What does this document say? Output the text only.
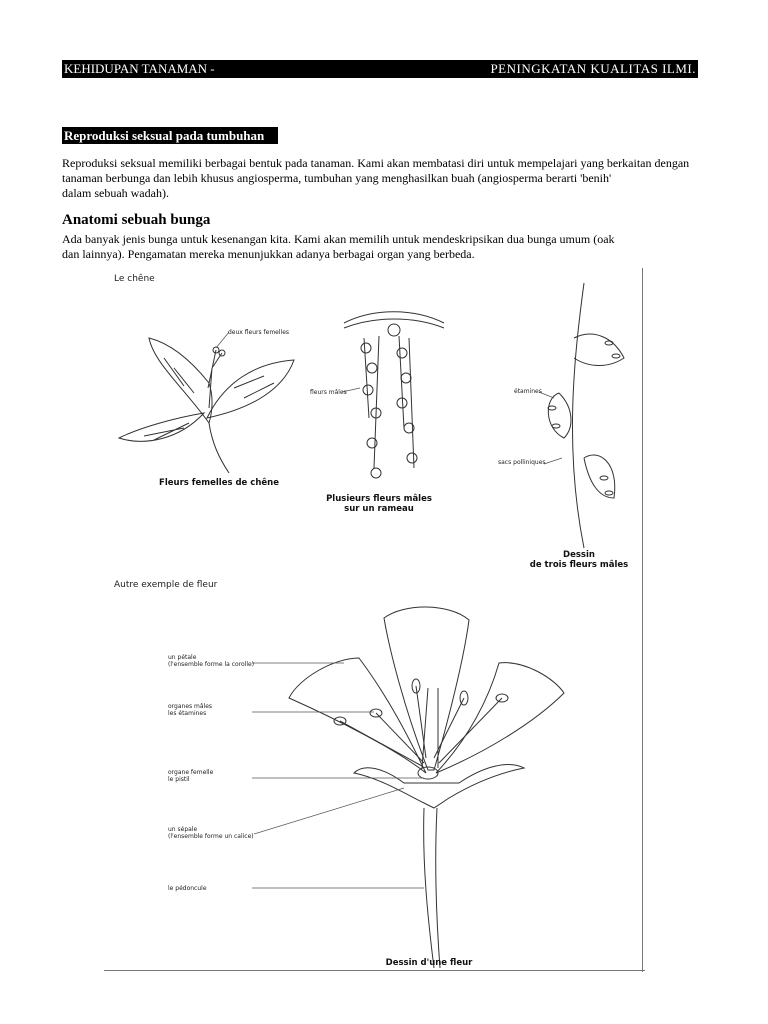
KEHIDUPAN TANAMAN -	PENINGKATAN KUALITAS ILMI.
Reproduksi seksual pada tumbuhan
Reproduksi seksual memiliki berbagai bentuk pada tanaman. Kami akan membatasi diri untuk mempelajari yang berkaitan dengan
tanaman berbunga dan lebih khusus angiosperma, tumbuhan yang menghasilkan buah (angiosperma berarti 'benih'
dalam sebuah wadah).
Anatomi sebuah bunga
Ada banyak jenis bunga untuk kesenangan kita. Kami akan memilih untuk mendeskripsikan dua bunga umum (oak
dan lainnya). Pengamatan mereka menunjukkan adanya berbagai organ yang berbeda.
Le chêne
deux fleurs femelles
fleurs mâles	étamines
sacs polliniques
Fleurs femelles de chêne
Plusieurs fleurs mâles
sur un rameau
Dessin
de trois fleurs mâles
Autre exemple de fleur
un pétale
(l'ensemble forme la corolle)
organes mâles
les étamines
organe femelle
le pistil
un sépale
(l'ensemble forme un calice)
le pédoncule
Dessin d'une fleur
